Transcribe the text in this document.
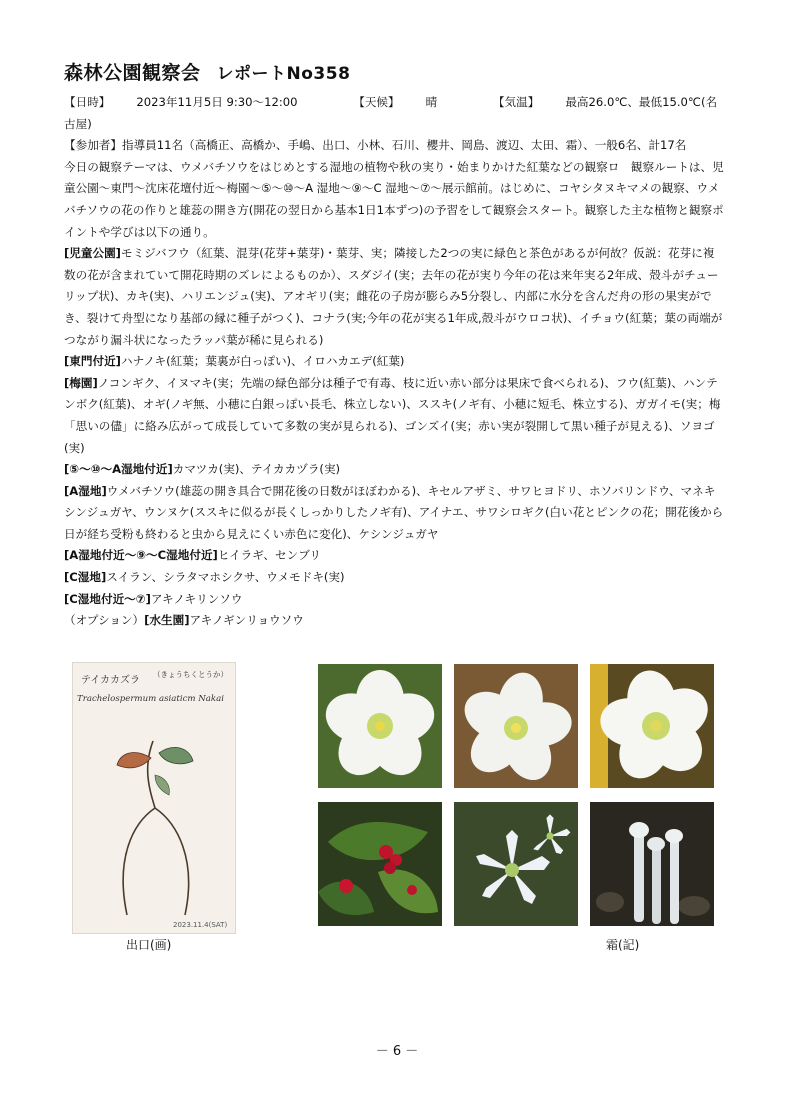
森林公園観察会 レポートNo358

【日時】 2023年11月5日 9:30～12:00	【天候】 晴	【気温】 最高26.0℃、最低15.0℃(名古屋)

【参加者】指導員11名（高橋正、高橋か、手嶋、出口、小林、石川、櫻井、岡島、渡辺、太田、霜）、一般6名、計17名

今日の観察テーマは、ウメバチソウをはじめとする湿地の植物や秋の実り・始まりかけた紅葉などの観察ロ　観察ルートは、児童公園～東門～沈床花壇付近～梅園～⑤～⑩～A 湿地～⑨～C 湿地～⑦～展示館前。はじめに、コヤシタヌキマメの観察、ウメバチソウの花の作りと雄蕊の開き方(開花の翌日から基本1日1本ずつ)の予習をして観察会スタート。観察した主な植物と観察ポイントや学びは以下の通り。

[児童公園]モミジバフウ（紅葉、混芽(花芽+葉芽)・葉芽、実；隣接した2つの実に緑色と茶色があるが何故？仮説：花芽に複数の花が含まれていて開花時期のズレによるものか）、スダジイ(実；去年の花が実り今年の花は来年実る2年成、殻斗がチューリップ状)、カキ(実)、ハリエンジュ(実)、アオギリ(実；雌花の子房が膨らみ5分裂し、内部に水分を含んだ舟の形の果実ができ、裂けて舟型になり基部の縁に種子がつく)、コナラ(実;今年の花が実る1年成,殻斗がウロコ状)、イチョウ(紅葉；葉の両端がつながり漏斗状になったラッパ葉が稀に見られる)

[東門付近]ハナノキ(紅葉；葉裏が白っぽい)、イロハカエデ(紅葉)

[梅園]ノコンギク、イヌマキ(実；先端の緑色部分は種子で有毒、枝に近い赤い部分は果床で食べられる)、フウ(紅葉)、ハンテンボク(紅葉)、オギ(ノギ無、小穂に白銀っぽい長毛、株立しない)、ススキ(ノギ有、小穂に短毛、株立する)、ガガイモ(実；梅「思いの儘」に絡み広がって成長していて多数の実が見られる)、ゴンズイ(実；赤い実が裂開して黒い種子が見える)、ソヨゴ(実)

[⑤～⑩～A湿地付近]カマツカ(実)、テイカカヅラ(実)

[A湿地]ウメバチソウ(雄蕊の開き具合で開花後の日数がほぼわかる)、キセルアザミ、サワヒヨドリ、ホソバリンドウ、マネキシンジュガヤ、ウンヌケ(ススキに似るが長くしっかりしたノギ有)、アイナエ、サワシロギク(白い花とピンクの花；開花後から日が経ち受粉も終わると虫から見えにくい赤色に変化)、ケシンジュガヤ

[A湿地付近～⑨～C湿地付近]ヒイラギ、センブリ

[C湿地]スイラン、シラタマホシクサ、ウメモドキ(実)

[C湿地付近～⑦]アキノキリンソウ

（オプション）[水生園]アキノギンリョウソウ

テイカカズラ
（きょうちくとうか）
Trachelospermum asiaticm Nakai
2023.11.4(SAT)
出口(画)	霜(記)
－ 6 －
